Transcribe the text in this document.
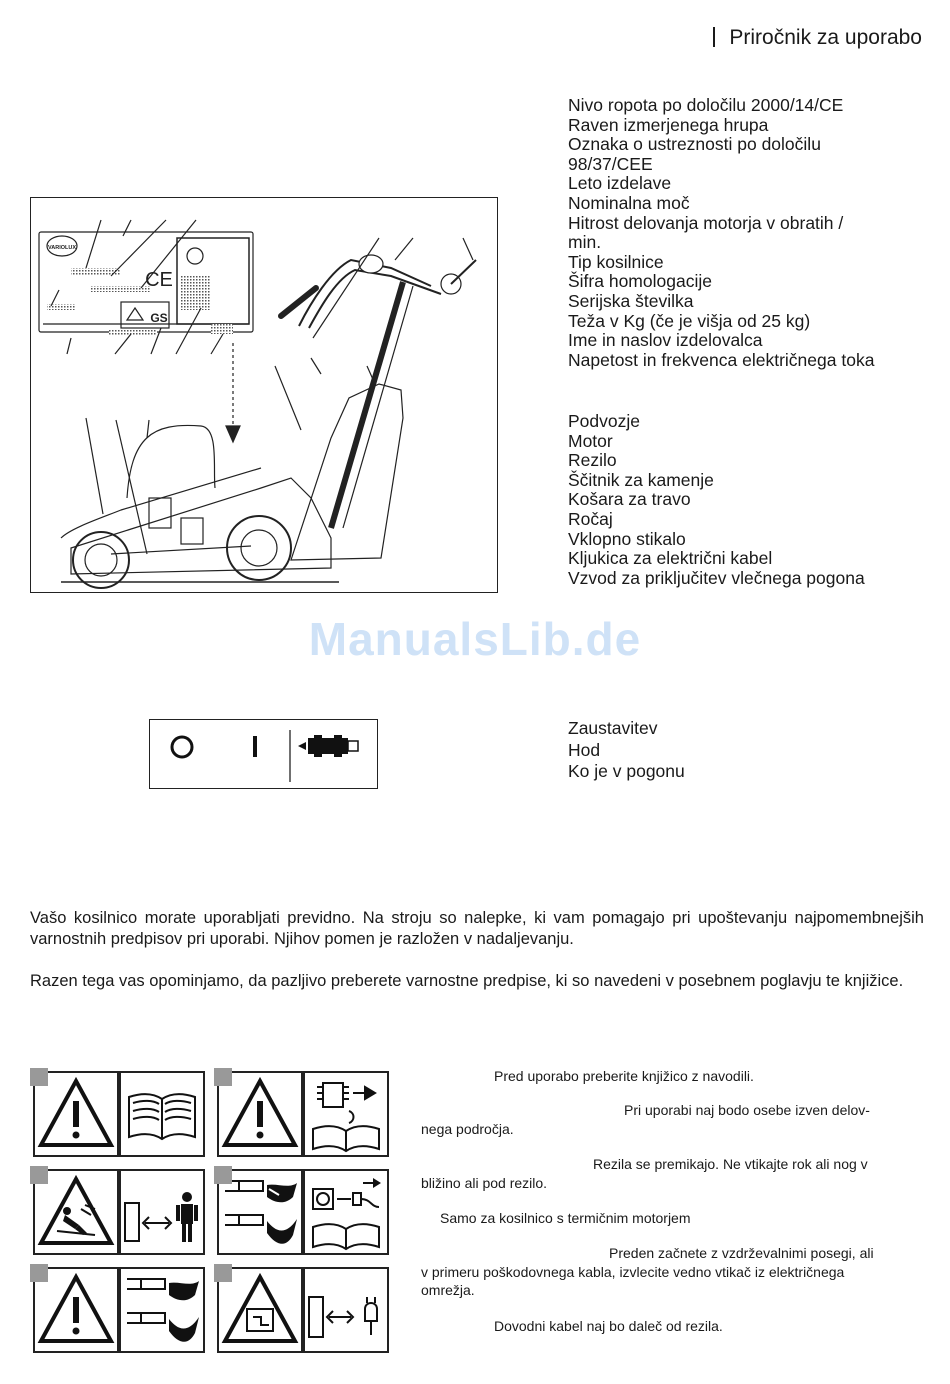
Priročnik za uporabo
Nivo ropota po določilu 2000/14/CE
Raven izmerjenega hrupa
Oznaka o ustreznosti po določilu
98/37/CEE
Leto izdelave
Nominalna moč
Hitrost delovanja motorja v obratih /
min.
Tip kosilnice
Šifra homologacije
Serijska številka
Teža v Kg (če je višja od 25 kg)
Ime in naslov izdelovalca
Napetost in frekvenca električnega toka
Podvozje
Motor
Rezilo
Ščitnik za kamenje
Košara za travo
Ročaj
Vklopno stikalo
Kljukica za električni kabel
Vzvod za priključitev vlečnega pogona
VARIOLUX
CE
GS
ManualsLib.de
Zaustavitev
Hod
Ko je v pogonu
Vašo kosilnico morate uporabljati previdno. Na stroju so nalepke, ki vam pomagajo pri upoštevanju najpomembnejših varnostnih predpisov pri uporabi. Njihov pomen je razložen v nadaljevanju.
Razen tega vas opominjamo, da pazljivo preberete varnostne predpise, ki so navedeni v posebnem poglavju te knjižice.
Pred uporabo preberite knjižico z navodili.
Pri uporabi naj bodo osebe izven delov-
nega področja.
Rezila se premikajo. Ne vtikajte rok ali nog v
bližino ali pod rezilo.
Samo za kosilnico s termičnim motorjem
Preden začnete z vzdrževalnimi posegi, ali
v primeru poškodovnega kabla, izvlecite vedno vtikač iz električnega
omrežja.
Dovodni kabel naj bo daleč od rezila.
